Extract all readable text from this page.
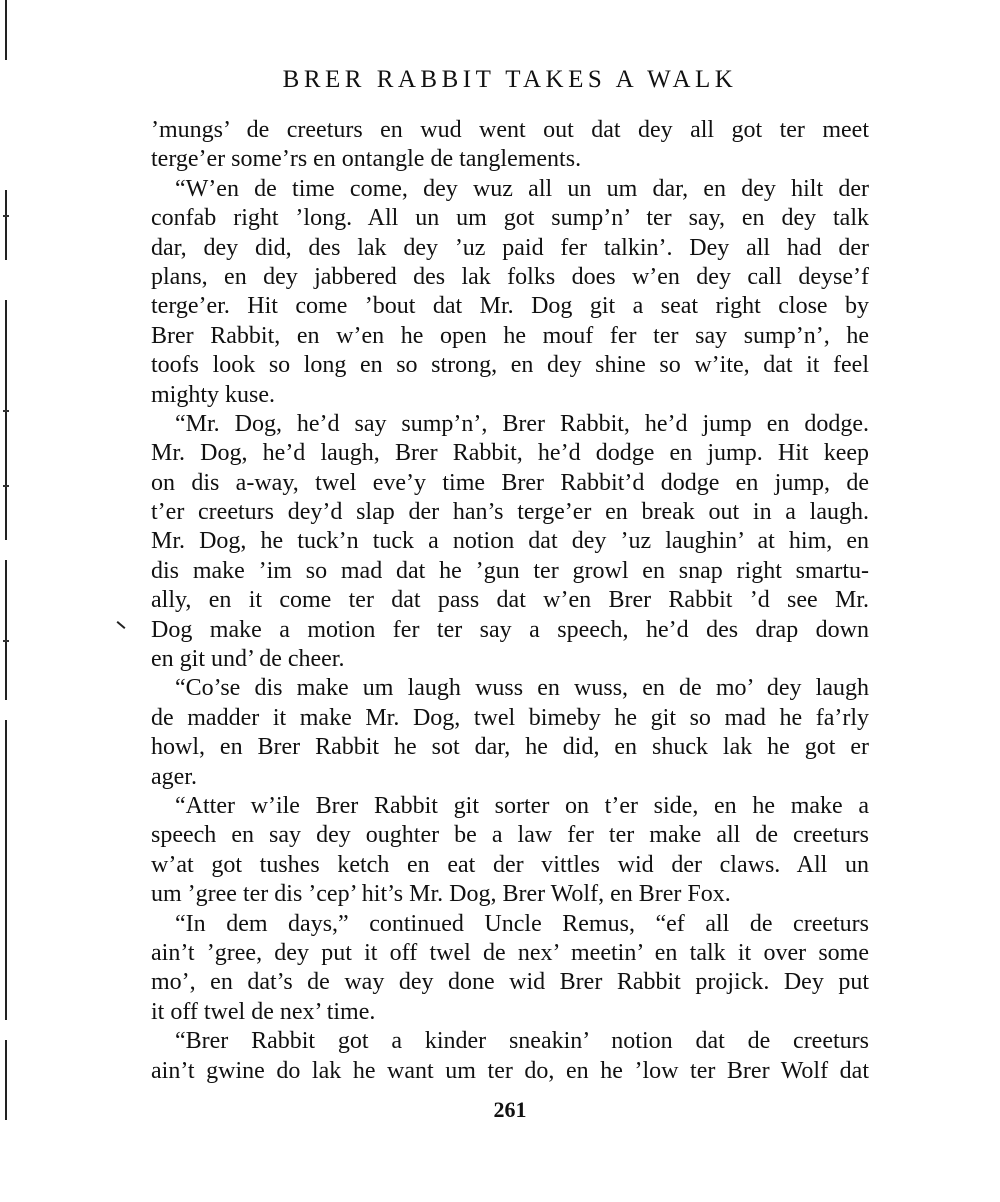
BRER RABBIT TAKES A WALK
’mungs’ de creeturs en wud went out dat dey all got ter meet
terge’er some’rs en ontangle de tanglements.
“W’en de time come, dey wuz all un um dar, en dey hilt der
confab right ’long. All un um got sump’n’ ter say, en dey talk
dar, dey did, des lak dey ’uz paid fer talkin’. Dey all had der
plans, en dey jabbered des lak folks does w’en dey call deyse’f
terge’er. Hit come ’bout dat Mr. Dog git a seat right close by
Brer Rabbit, en w’en he open he mouf fer ter say sump’n’, he
toofs look so long en so strong, en dey shine so w’ite, dat it feel
mighty kuse.
“Mr. Dog, he’d say sump’n’, Brer Rabbit, he’d jump en dodge.
Mr. Dog, he’d laugh, Brer Rabbit, he’d dodge en jump. Hit keep
on dis a-way, twel eve’y time Brer Rabbit’d dodge en jump, de
t’er creeturs dey’d slap der han’s terge’er en break out in a laugh.
Mr. Dog, he tuck’n tuck a notion dat dey ’uz laughin’ at him, en
dis make ’im so mad dat he ’gun ter growl en snap right smartu-
ally, en it come ter dat pass dat w’en Brer Rabbit ’d see Mr.
Dog make a motion fer ter say a speech, he’d des drap down
en git und’ de cheer.
“Co’se dis make um laugh wuss en wuss, en de mo’ dey laugh
de madder it make Mr. Dog, twel bimeby he git so mad he fa’rly
howl, en Brer Rabbit he sot dar, he did, en shuck lak he got er
ager.
“Atter w’ile Brer Rabbit git sorter on t’er side, en he make a
speech en say dey oughter be a law fer ter make all de creeturs
w’at got tushes ketch en eat der vittles wid der claws. All un
um ’gree ter dis ’cep’ hit’s Mr. Dog, Brer Wolf, en Brer Fox.
“In dem days,” continued Uncle Remus, “ef all de creeturs
ain’t ’gree, dey put it off twel de nex’ meetin’ en talk it over some
mo’, en dat’s de way dey done wid Brer Rabbit projick. Dey put
it off twel de nex’ time.
“Brer Rabbit got a kinder sneakin’ notion dat de creeturs
ain’t gwine do lak he want um ter do, en he ’low ter Brer Wolf dat
261
